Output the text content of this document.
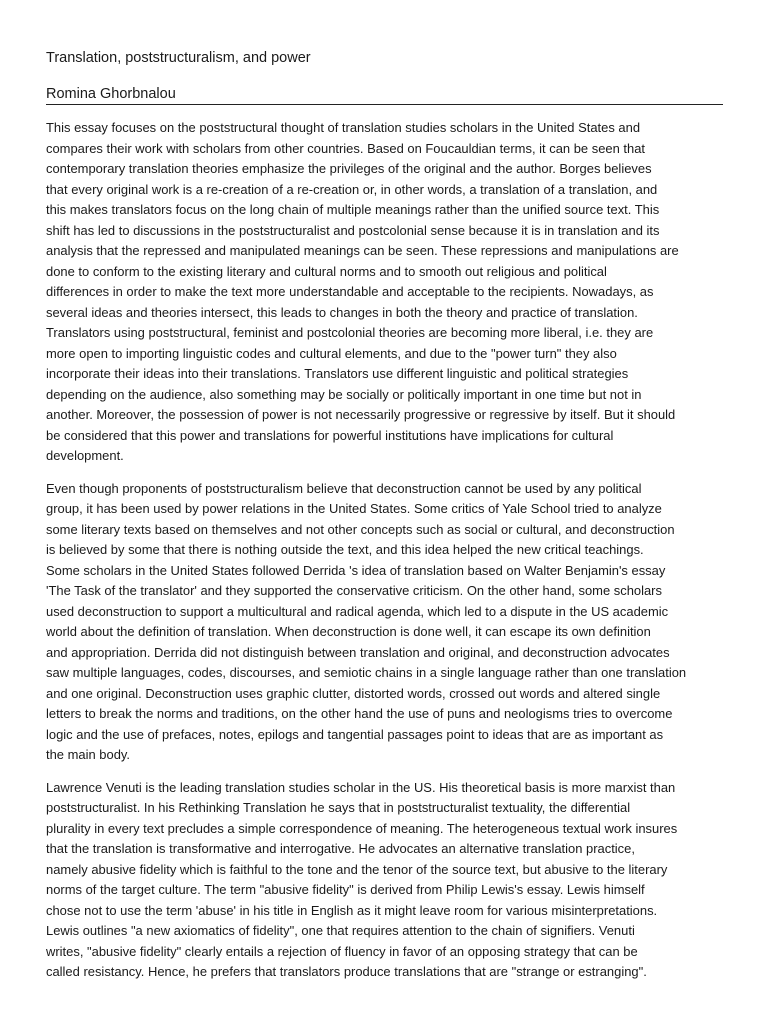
Translation, poststructuralism, and power
Romina Ghorbnalou
This essay focuses on the poststructural thought of translation studies scholars in the United States and
compares their work with scholars from other countries. Based on Foucauldian terms, it can be seen that
contemporary translation theories emphasize the privileges of the original and the author. Borges believes
that every original work is a re-creation of a re-creation or, in other words, a translation of a translation, and
this makes translators focus on the long chain of multiple meanings rather than the unified source text. This
shift has led to discussions in the poststructuralist and postcolonial sense because it is in translation and its
analysis that the repressed and manipulated meanings can be seen. These repressions and manipulations are
done to conform to the existing literary and cultural norms and to smooth out religious and political
differences in order to make the text more understandable and acceptable to the recipients. Nowadays, as
several ideas and theories intersect, this leads to changes in both the theory and practice of translation.
Translators using poststructural, feminist and postcolonial theories are becoming more liberal, i.e. they are
more open to importing linguistic codes and cultural elements, and due to the "power turn" they also
incorporate their ideas into their translations. Translators use different linguistic and political strategies
depending on the audience, also something may be socially or politically important in one time but not in
another. Moreover, the possession of power is not necessarily progressive or regressive by itself. But it should
be considered that this power and translations for powerful institutions have implications for cultural
development.
Even though proponents of poststructuralism believe that deconstruction cannot be used by any political
group, it has been used by power relations in the United States. Some critics of Yale School tried to analyze
some literary texts based on themselves and not other concepts such as social or cultural, and deconstruction
is believed by some that there is nothing outside the text, and this idea helped the new critical teachings.
Some scholars in the United States followed Derrida 's idea of translation based on Walter Benjamin's essay
'The Task of the translator' and they supported the conservative criticism. On the other hand, some scholars
used deconstruction to support a multicultural and radical agenda, which led to a dispute in the US academic
world about the definition of translation. When deconstruction is done well, it can escape its own definition
and appropriation. Derrida did not distinguish between translation and original, and deconstruction advocates
saw multiple languages, codes, discourses, and semiotic chains in a single language rather than one translation
and one original. Deconstruction uses graphic clutter, distorted words, crossed out words and altered single
letters to break the norms and traditions, on the other hand the use of puns and neologisms tries to overcome
logic and the use of prefaces, notes, epilogs and tangential passages point to ideas that are as important as
the main body.
Lawrence Venuti is the leading translation studies scholar in the US. His theoretical basis is more marxist than
poststructuralist. In his Rethinking Translation he says that in poststructuralist textuality, the differential
plurality in every text precludes a simple correspondence of meaning. The heterogeneous textual work insures
that the translation is transformative and interrogative. He advocates an alternative translation practice,
namely abusive fidelity which is faithful to the tone and the tenor of the source text, but abusive to the literary
norms of the target culture. The term "abusive fidelity" is derived from Philip Lewis's essay. Lewis himself
chose not to use the term 'abuse' in his title in English as it might leave room for various misinterpretations.
Lewis outlines "a new axiomatics of fidelity", one that requires attention to the chain of signifiers. Venuti
writes, "abusive fidelity" clearly entails a rejection of fluency in favor of an opposing strategy that can be
called resistancy. Hence, he prefers that translators produce translations that are "strange or estranging".
